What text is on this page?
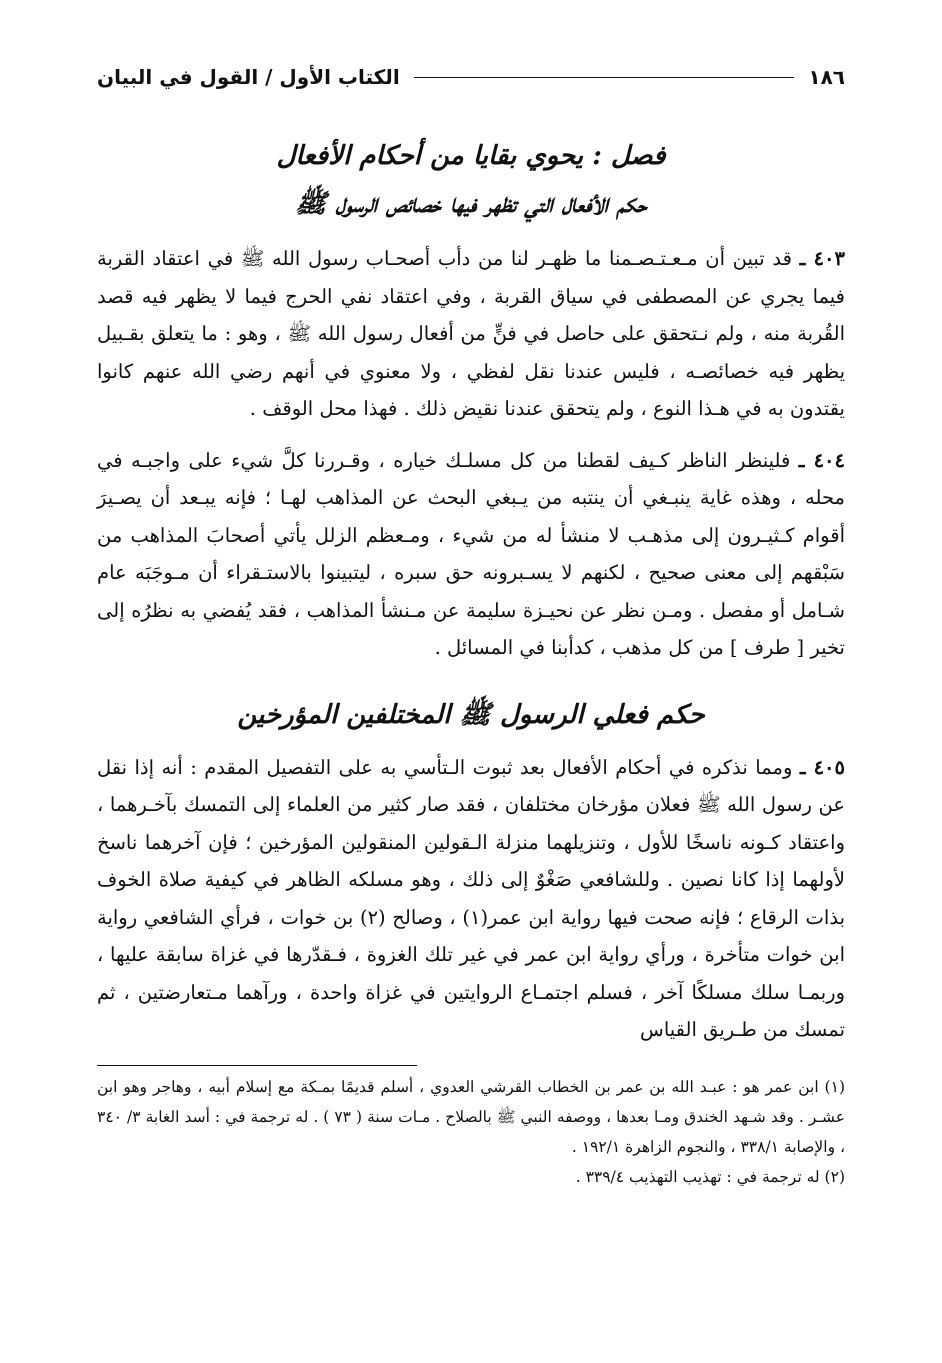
١٨٦
الكتاب الأول / القول في البيان
فصل : يحوي بقايا من أحكام الأفعال
حكم الأفعال التي تظهر فيها خصائص الرسول ﷺ

٤٠٣ ـ قد تبين أن مـعـتـصـمنا ما ظهـر لنا من دأب أصحـاب رسول الله ﷺ في اعتقاد القربة فيما يجري عن المصطفى في سياق القربة ، وفي اعتقاد نفي الحرج فيما لا يظهر فيه قصد القُربة منه ، ولم نـتحقق على حاصل في فنٍّ من أفعال رسول الله ﷺ ، وهو : ما يتعلق بقـبيل يظهر فيه خصائصـه ، فليس عندنا نقل لفظي ، ولا معنوي في أنهم رضي الله عنهم كانوا يقتدون به في هـذا النوع ، ولم يتحقق عندنا نقيض ذلك . فهذا محل الوقف .

٤٠٤ ـ فلينظر الناظر كـيف لقطنا من كل مسلـك خياره ، وقـررنا كلَّ شيء على واجبـه في محله ، وهذه غاية ينبـغي أن ينتبه من يـبغي البحث عن المذاهب لهـا ؛ فإنه يبـعد أن يصـيرَ أقوام كـثيـرون إلى مذهـب لا منشأ له من شيء ، ومـعظم الزلل يأتي أصحابَ المذاهب من سَبْقهم إلى معنى صحيح ، لكنهم لا يسـبرونه حق سبره ، ليتبينوا بالاستـقراء أن مـوجَبَه عام شـامل أو مفصل . ومـن نظر عن نحيـزة سليمة عن مـنشأ المذاهب ، فقد يُفضي به نظرُه إلى تخير [ طرف ] من كل مذهب ، كدأبنا في المسائل .

حكم فعلي الرسول ﷺ المختلفين المؤرخين

٤٠٥ ـ ومما نذكره في أحكام الأفعال بعد ثبوت الـتأسي به على التفصيل المقدم : أنه إذا نقل عن رسول الله ﷺ فعلان مؤرخان مختلفان ، فقد صار كثير من العلماء إلى التمسك بآخـرهما ، واعتقاد كـونه ناسخًا للأول ، وتنزيلهما منزلة الـقولين المنقولين المؤرخين ؛ فإن آخرهما ناسخ لأولهما إذا كانا نصين . وللشافعي صَغْوٌ إلى ذلك ، وهو مسلكه الظاهر في كيفية صلاة الخوف بذات الرقاع ؛ فإنه صحت فيها رواية ابن عمر(١) ، وصالح (٢) بن خوات ، فرأي الشافعي رواية ابن خوات متأخرة ، ورأي رواية ابن عمر في غير تلك الغزوة ، فـقدّرها في غزاة سابقة عليها ، وربمـا سلك مسلكًا آخر ، فسلم اجتمـاع الروايتين في غزاة واحدة ، ورآهما مـتعارضتين ، ثم تمسك من طـريق القياس

(١) ابن عمر هو : عبـد الله بن عمر بن الخطاب القرشي العدوي ، أسلم قديمًا بمـكة مع إسلام أبيه ، وهاجر وهو ابن عشـر . وقد شـهد الخندق ومـا بعدها ، ووصفه النبي ﷺ بالصلاح . مـات سنة ( ٧٣ ) . له ترجمة في : أسد الغابة ٣/ ٣٤٠ ، والإصابة ٣٣٨/١ ، والنجوم الزاهرة ١٩٢/١ .

(٢) له ترجمة في : تهذيب التهذيب ٣٣٩/٤ .
